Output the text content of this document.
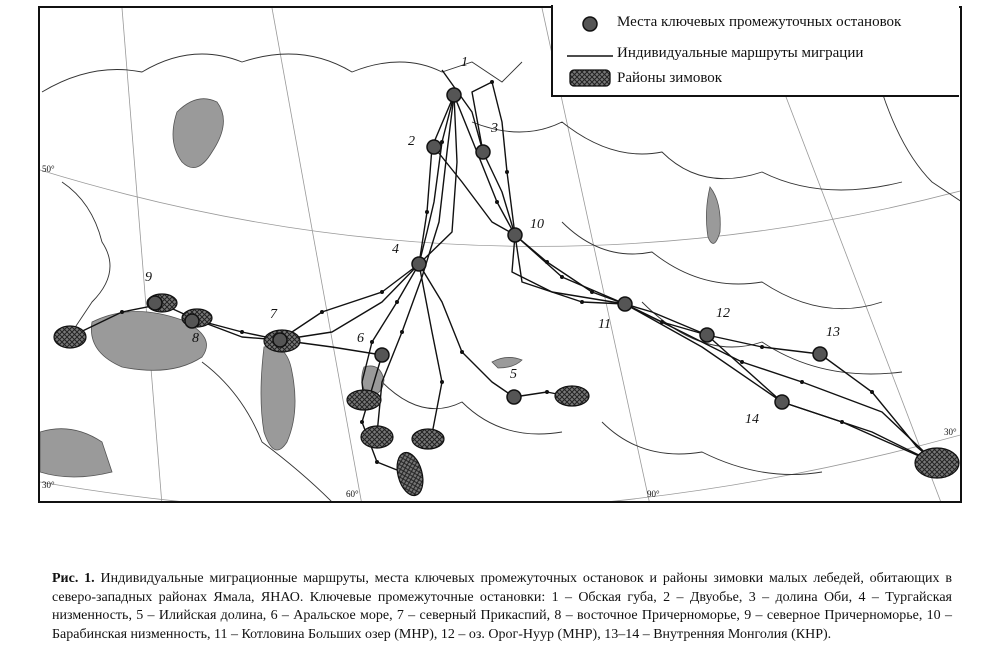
1
2
3
4
5
6
7
8
9
10
11
12
13
14
50°
30°
30°
60°	90°
Места ключевых промежуточных остановок
Индивидуальные маршруты миграции
Районы зимовок
Рис. 1. Индивидуальные миграционные маршруты, места ключевых промежуточных остановок и районы зимовки малых лебедей, обитающих в северо-западных районах Ямала, ЯНАО. Ключевые промежуточные остановки: 1 – Обская губа, 2 – Двуобье, 3 – долина Оби, 4 – Тургайская низменность, 5 – Илийская долина, 6 – Аральское море, 7 – северный Прикаспий, 8 – восточное Причерноморье, 9 – северное Причерноморье, 10 – Барабинская низменность, 11 – Котловина Больших озер (МНР), 12 – оз. Орог-Нуур (МНР), 13–14 – Внутренняя Монголия (КНР).
